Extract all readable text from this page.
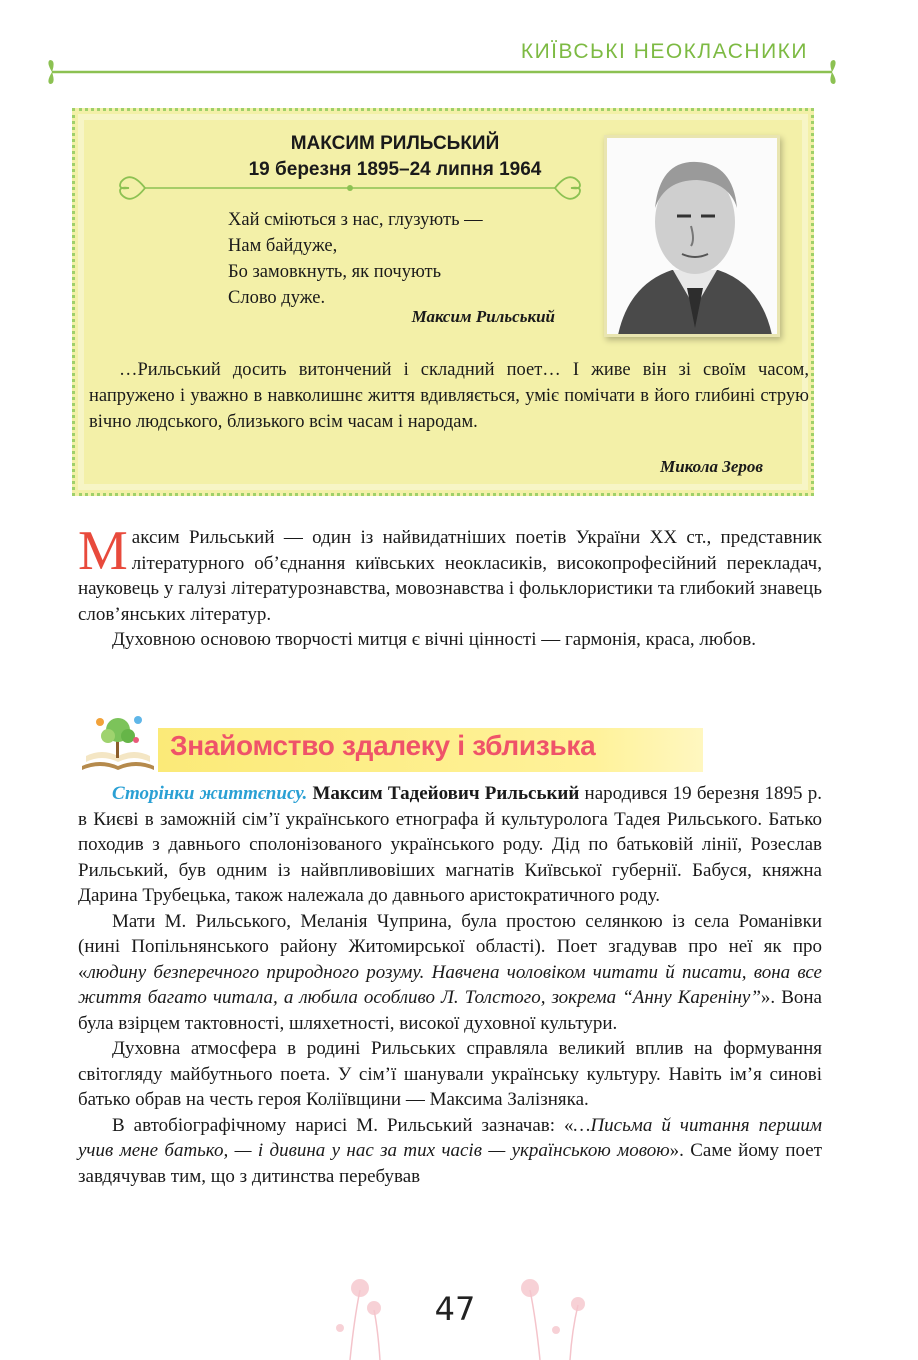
КИЇВСЬКІ НЕОКЛАСНИКИ
МАКСИМ РИЛЬСЬКИЙ
19 березня 1895–24 липня 1964
Хай сміються з нас, глузують —
Нам байдуже,
Бо замовкнуть, як почують
Слово дуже.
Максим Рильський
…Рильський досить витончений і складний поет… І живе він зі своїм часом, напружено і уважно в навколишнє життя вдивляється, уміє помічати в його глибині струю вічно людського, близького всім часам і народам.
Микола Зеров

Максим Рильський — один із найвидатніших поетів України XX ст., представник літературного об’єднання київських неокласиків, високопрофесійний перекладач, науковець у галузі літературознавства, мовознавства і фольклористики та глибокий знавець слов’янських літератур.

Духовною основою творчості митця є вічні цінності — гармонія, краса, любов.

Знайомство здалеку і зблизька

Сторінки життєпису. Максим Тадейович Рильський народився 19 березня 1895 р. в Києві в заможній сім’ї українського етнографа й культуролога Тадея Рильського. Батько походив з давнього сполонізованого українського роду. Дід по батьковій лінії, Розеслав Рильський, був одним із найвпливовіших магнатів Київської губернії. Бабуся, княжна Дарина Трубецька, також належала до давнього аристократичного роду.

Мати М. Рильського, Меланія Чуприна, була простою селянкою із села Романівки (нині Попільнянського району Житомирської області). Поет згадував про неї як про «людину безперечного природного розуму. Навчена чоловіком читати й писати, вона все життя багато читала, а любила особливо Л. Толстого, зокрема “Анну Кареніну”». Вона була взірцем тактовності, шляхетності, високої духовної культури.

Духовна атмосфера в родині Рильських справляла великий вплив на формування світогляду майбутнього поета. У сім’ї шанували українську культуру. Навіть ім’я синові батько обрав на честь героя Коліївщини — Максима Залізняка.

В автобіографічному нарисі М. Рильський зазначав: «…Письма й читання першим учив мене батько, — і дивина у нас за тих часів — українською мовою». Саме йому поет завдячував тим, що з дитинства перебував

47
